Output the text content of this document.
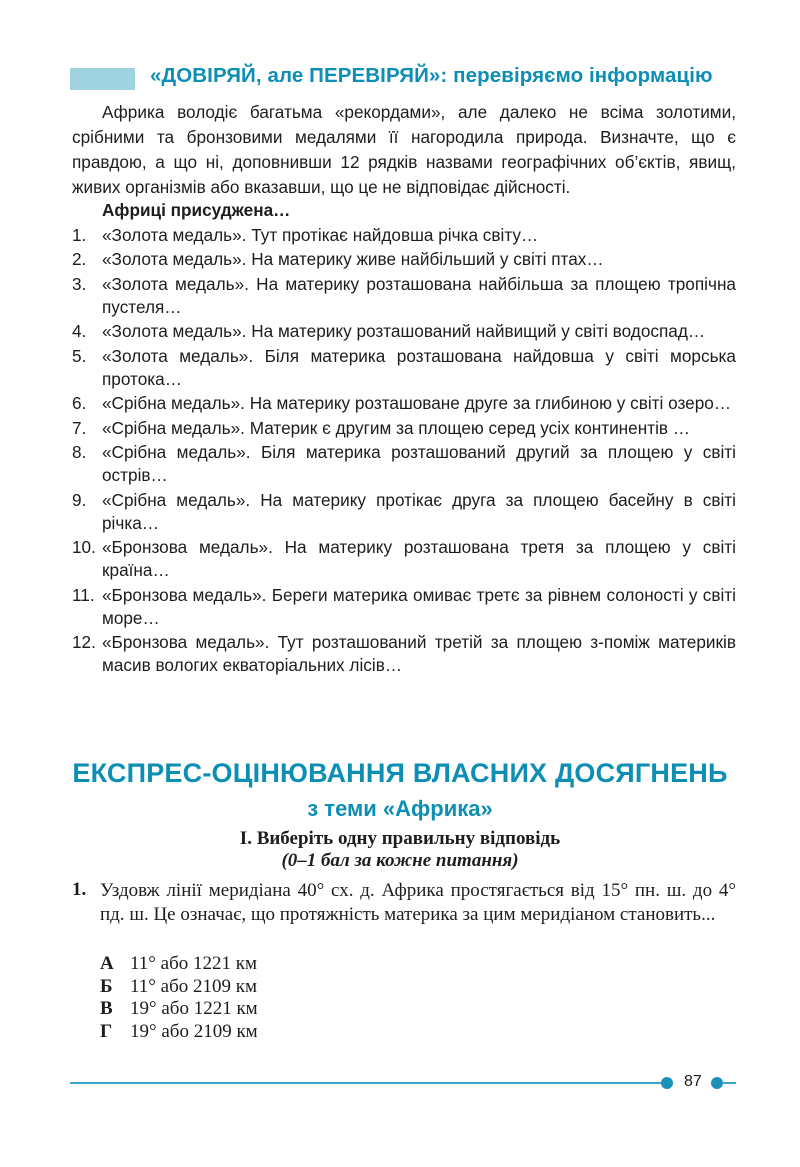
«ДОВІРЯЙ, але ПЕРЕВІРЯЙ»: перевіряємо інформацію
Африка володіє багатьма «рекордами», але далеко не всіма золотими, срібними та бронзовими медалями її нагородила природа. Визначте, що є правдою, а що ні, доповнивши 12 рядків назвами географічних об’єктів, явищ, живих організмів або вказавши, що це не відповідає дійсності.
Африці присуджена…
1. «Золота медаль». Тут протікає найдовша річка світу…
2. «Золота медаль». На материку живе найбільший у світі птах…
3. «Золота медаль». На материку розташована найбільша за площею тропічна пустеля…
4. «Золота медаль». На материку розташований найвищий у світі водоспад…
5. «Золота медаль». Біля материка розташована найдовша у світі морська протока…
6. «Срібна медаль». На материку розташоване друге за глибиною у світі озеро…
7. «Срібна медаль». Материк є другим за площею серед усіх континентів …
8. «Срібна медаль». Біля материка розташований другий за площею у світі острів…
9. «Срібна медаль». На материку протікає друга за площею басейну в світі річка…
10. «Бронзова медаль». На материку розташована третя за площею у світі країна…
11. «Бронзова медаль». Береги материка омиває третє за рівнем солоності у світі море…
12. «Бронзова медаль». Тут розташований третій за площею з-поміж материків масив вологих екваторіальних лісів…
ЕКСПРЕС-ОЦІНЮВАННЯ ВЛАСНИХ ДОСЯГНЕНЬ
з теми «Африка»
І. Виберіть одну правильну відповідь
(0–1 бал за кожне питання)
1. Уздовж лінії меридіана 40° сх. д. Африка простягається від 15° пн. ш. до 4° пд. ш. Це означає, що протяжність материка за цим меридіаном становить...
А 11° або 1221 км
Б 11° або 2109 км
В 19° або 1221 км
Г 19° або 2109 км
87
